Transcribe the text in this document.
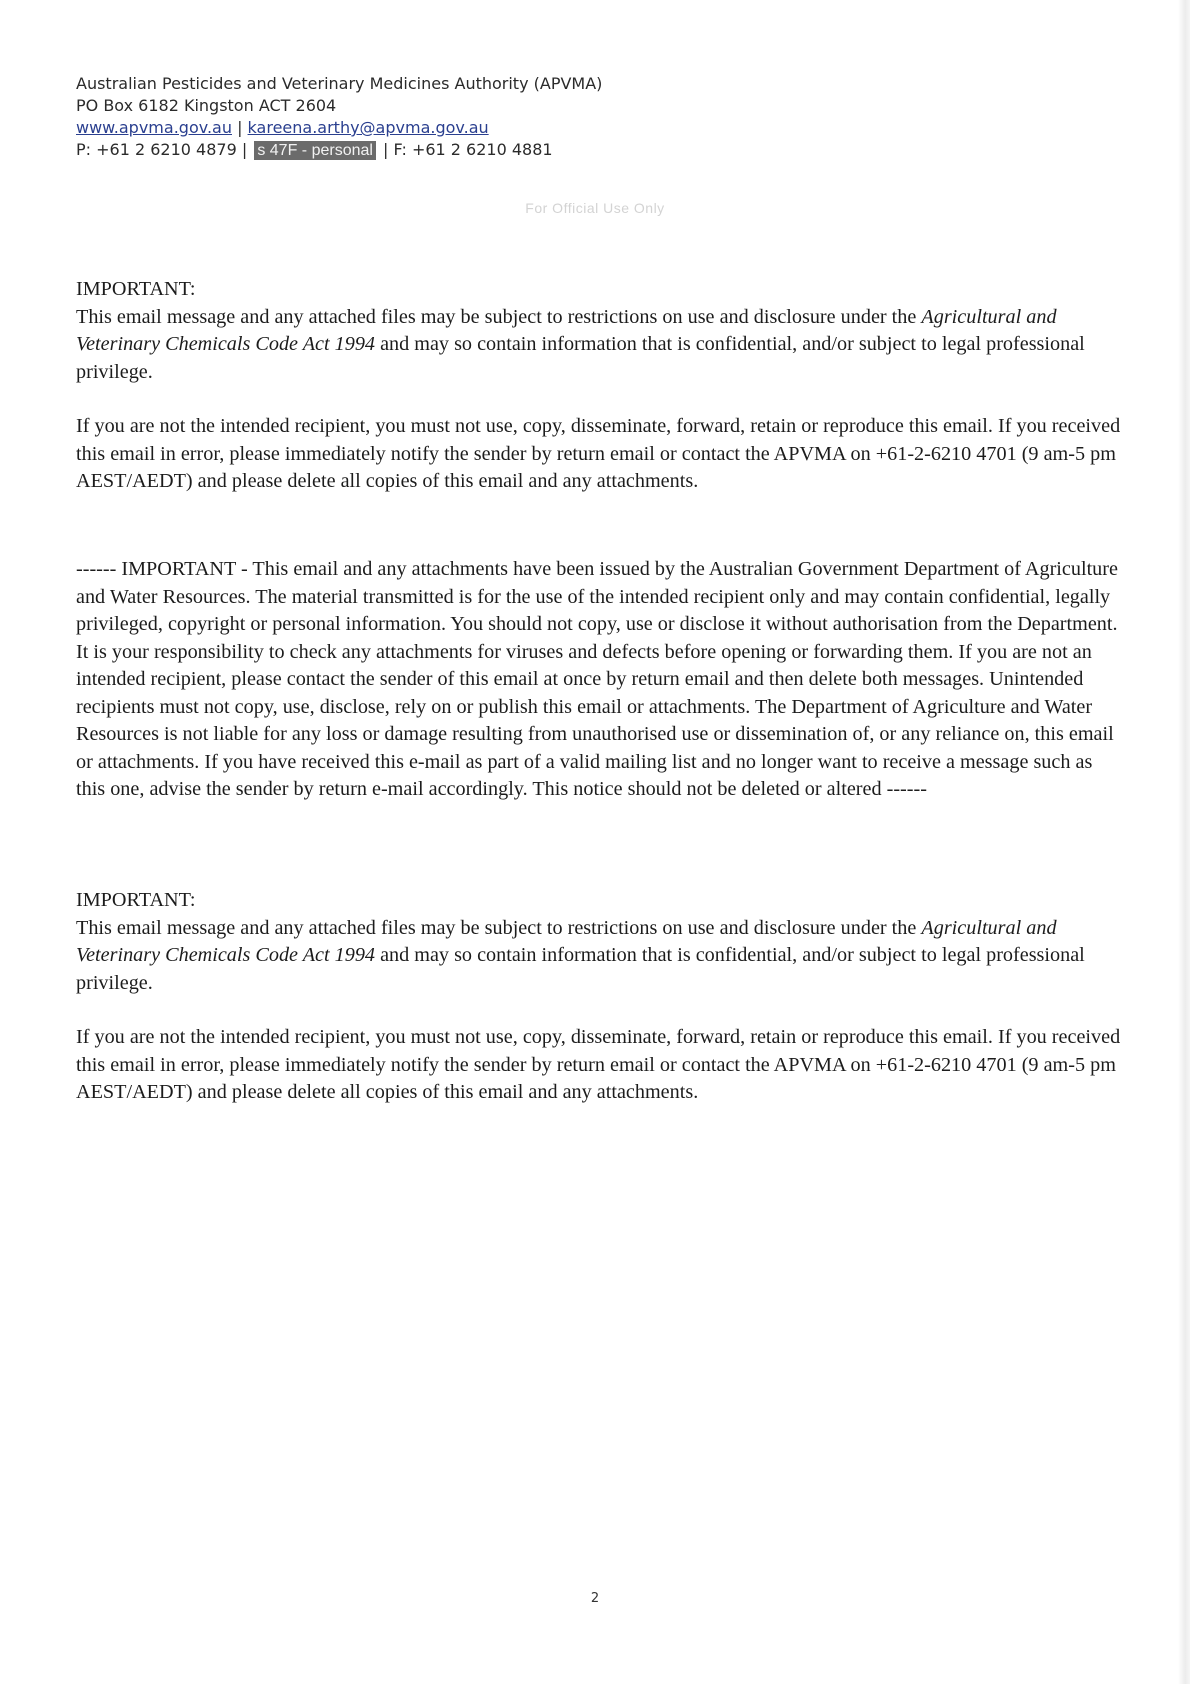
Australian Pesticides and Veterinary Medicines Authority (APVMA)
PO Box 6182 Kingston ACT 2604
www.apvma.gov.au | kareena.arthy@apvma.gov.au
P: +61 2 6210 4879 | s 47F - personal | F: +61 2 6210 4881
For Official Use Only

IMPORTANT:

This email message and any attached files may be subject to restrictions on use and disclosure under the Agricultural and Veterinary Chemicals Code Act 1994 and may so contain information that is confidential, and/or subject to legal professional privilege.

If you are not the intended recipient, you must not use, copy, disseminate, forward, retain or reproduce this email. If you received this email in error, please immediately notify the sender by return email or contact the APVMA on +61-2-6210 4701 (9 am-5 pm AEST/AEDT) and please delete all copies of this email and any attachments.

------ IMPORTANT - This email and any attachments have been issued by the Australian Government Department of Agriculture and Water Resources. The material transmitted is for the use of the intended recipient only and may contain confidential, legally privileged, copyright or personal information. You should not copy, use or disclose it without authorisation from the Department. It is your responsibility to check any attachments for viruses and defects before opening or forwarding them. If you are not an intended recipient, please contact the sender of this email at once by return email and then delete both messages. Unintended recipients must not copy, use, disclose, rely on or publish this email or attachments. The Department of Agriculture and Water Resources is not liable for any loss or damage resulting from unauthorised use or dissemination of, or any reliance on, this email or attachments. If you have received this e-mail as part of a valid mailing list and no longer want to receive a message such as this one, advise the sender by return e-mail accordingly. This notice should not be deleted or altered ------

IMPORTANT:

This email message and any attached files may be subject to restrictions on use and disclosure under the Agricultural and Veterinary Chemicals Code Act 1994 and may so contain information that is confidential, and/or subject to legal professional privilege.

If you are not the intended recipient, you must not use, copy, disseminate, forward, retain or reproduce this email. If you received this email in error, please immediately notify the sender by return email or contact the APVMA on +61-2-6210 4701 (9 am-5 pm AEST/AEDT) and please delete all copies of this email and any attachments.

2
